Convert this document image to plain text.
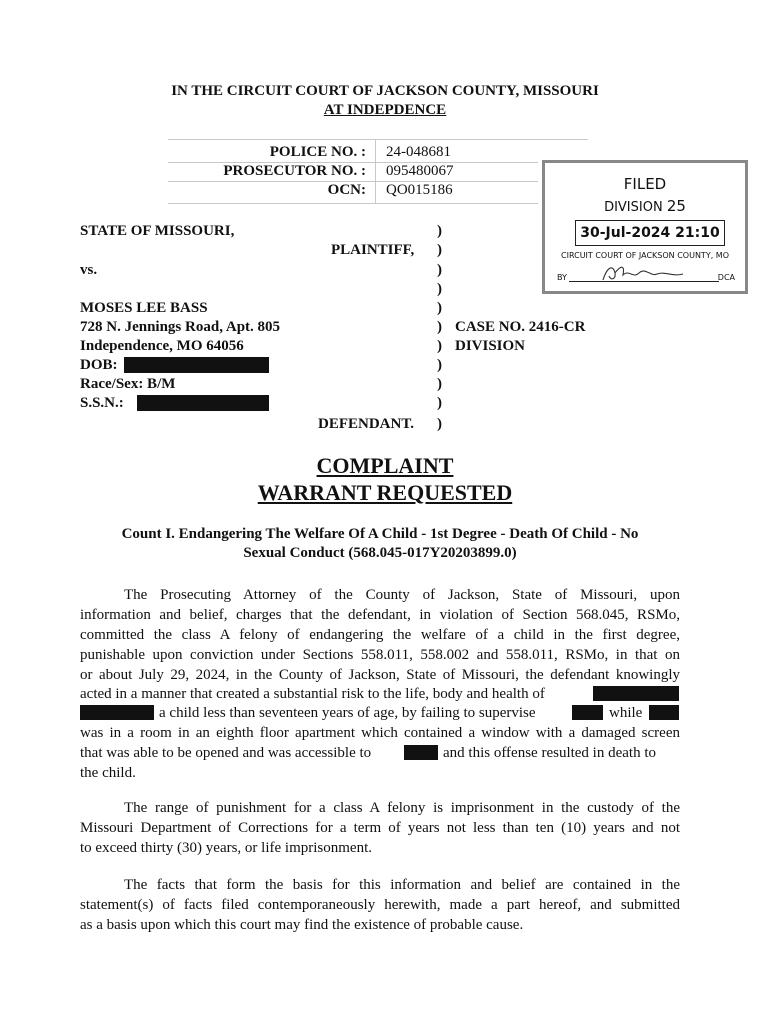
IN THE CIRCUIT COURT OF JACKSON COUNTY, MISSOURI
AT INDEPDENCE
POLICE NO. : 24-048681
PROSECUTOR NO. : 095480067
OCN: QO015186	FILED
DIVISION 25
30-Jul-2024 21:10
CIRCUIT COURT OF JACKSON COUNTY, MO
BY	DCA
STATE OF MISSOURI,
PLAINTIFF,
vs.
MOSES LEE BASS
728 N. Jennings Road, Apt. 805
Independence, MO 64056
DOB:
Race/Sex: B/M
S.S.N.:
DEFENDANT.
CASE NO. 2416-CR
DIVISION
)
)
)
)
)
)
)
)
)
)
)
COMPLAINT
WARRANT REQUESTED
Count I. Endangering The Welfare Of A Child - 1st Degree - Death Of Child - No
Sexual Conduct (568.045-017Y20203899.0)
The Prosecuting Attorney of the County of Jackson, State of Missouri, upon
information and belief, charges that the defendant, in violation of Section 568.045, RSMo,
committed the class A felony of endangering the welfare of a child in the first degree,
punishable upon conviction under Sections 558.011, 558.002 and 558.011, RSMo, in that on
or about July 29, 2024, in the County of Jackson, State of Missouri, the defendant knowingly
acted in a manner that created a substantial risk to the life, body and health of
a child less than seventeen years of age, by failing to supervise	while
was in a room in an eighth floor apartment which contained a window with a damaged screen
that was able to be opened and was accessible to	and this offense resulted in death to
the child.
The range of punishment for a class A felony is imprisonment in the custody of the
Missouri Department of Corrections for a term of years not less than ten (10) years and not
to exceed thirty (30) years, or life imprisonment.
The facts that form the basis for this information and belief are contained in the
statement(s) of facts filed contemporaneously herewith, made a part hereof, and submitted
as a basis upon which this court may find the existence of probable cause.
